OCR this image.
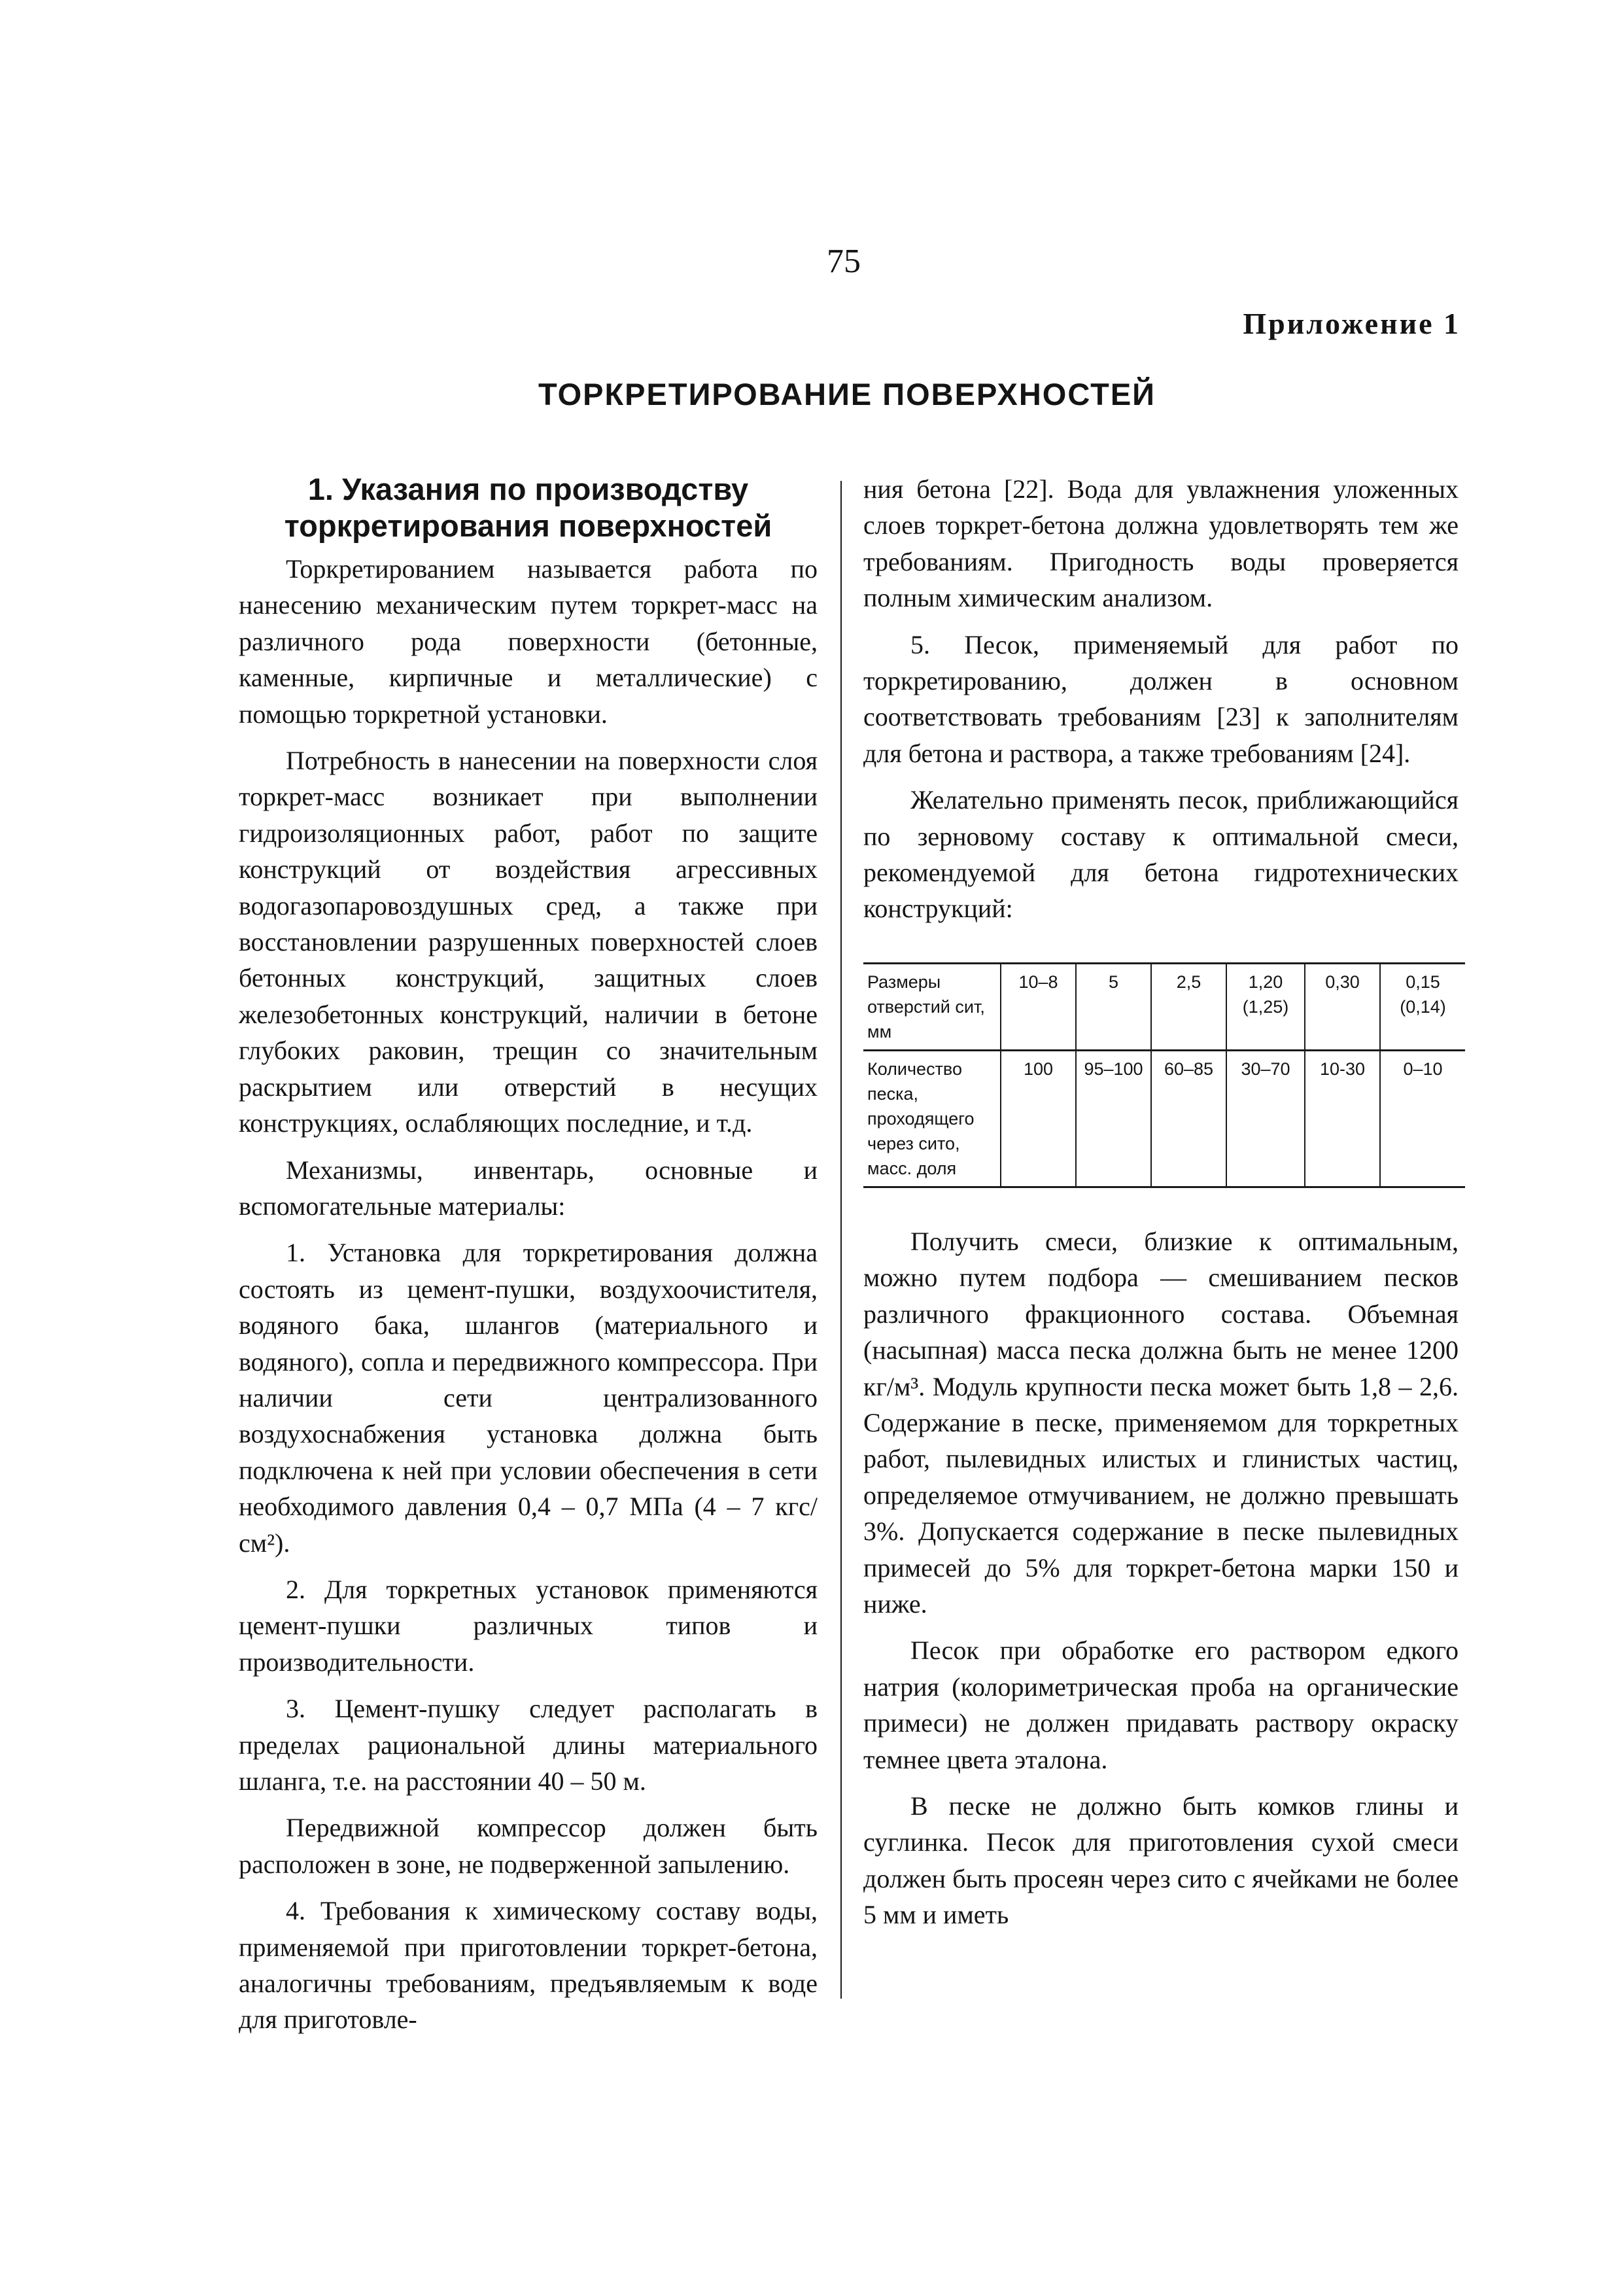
75
Приложение 1
ТОРКРЕТИРОВАНИЕ ПОВЕРХНОСТЕЙ
1. Указания по производству
торкретирования поверхностей

Торкретированием называется работа по нанесению механическим путем торкрет-масс на различного рода поверхности (бетонные, каменные, кирпичные и металлические) с помощью торкретной установки.

Потребность в нанесении на поверхности слоя торкрет-масс возникает при выполнении гидроизоляционных работ, работ по защите конструкций от воздействия агрессивных водогазопаровоздушных сред, а также при восстановлении разрушенных поверхностей слоев бетонных конструкций, защитных слоев железобетонных конструкций, наличии в бетоне глубоких раковин, трещин со значительным раскрытием или отверстий в несущих конструкциях, ослабляющих последние, и т.д.

Механизмы, инвентарь, основные и вспомогательные материалы:

1. Установка для торкретирования должна состоять из цемент-пушки, воздухоочистителя, водяного бака, шлангов (материального и водяного), сопла и передвижного компрессора. При наличии сети централизованного воздухоснабжения установка должна быть подключена к ней при условии обеспечения в сети необходимого давления 0,4 – 0,7 МПа (4 – 7 кгс/см²).

2. Для торкретных установок применяются цемент-пушки различных типов и производительности.

3. Цемент-пушку следует располагать в пределах рациональной длины материального шланга, т.е. на расстоянии 40 – 50 м.

Передвижной компрессор должен быть расположен в зоне, не подверженной запылению.

4. Требования к химическому составу воды, применяемой при приготовлении торкрет-бетона, аналогичны требованиям, предъявляемым к воде для приготовле-

ния бетона [22]. Вода для увлажнения уложенных слоев торкрет-бетона должна удовлетворять тем же требованиям. Пригодность воды проверяется полным химическим анализом.

5. Песок, применяемый для работ по торкретированию, должен в основном соответствовать требованиям [23] к заполнителям для бетона и раствора, а также требованиям [24].

Желательно применять песок, приближающийся по зерновому составу к оптимальной смеси, рекомендуемой для бетона гидротехнических конструкций:

Размеры отверстий сит, мм	10–8	5	2,5	1,20 (1,25)	0,30	0,15 (0,14)
Количество песка, проходящего через сито, масс. доля	100	95–100	60–85	30–70	10-30	0–10

Получить смеси, близкие к оптимальным, можно путем подбора — смешиванием песков различного фракционного состава. Объемная (насыпная) масса песка должна быть не менее 1200 кг/м³. Модуль крупности песка может быть 1,8 – 2,6. Содержание в песке, применяемом для торкретных работ, пылевидных илистых и глинистых частиц, определяемое отмучиванием, не должно превышать 3%. Допускается содержание в песке пылевидных примесей до 5% для торкрет-бетона марки 150 и ниже.

Песок при обработке его раствором едкого натрия (колориметрическая проба на органические примеси) не должен придавать раствору окраску темнее цвета эталона.

В песке не должно быть комков глины и суглинка. Песок для приготовления сухой смеси должен быть просеян через сито с ячейками не более 5 мм и иметь
